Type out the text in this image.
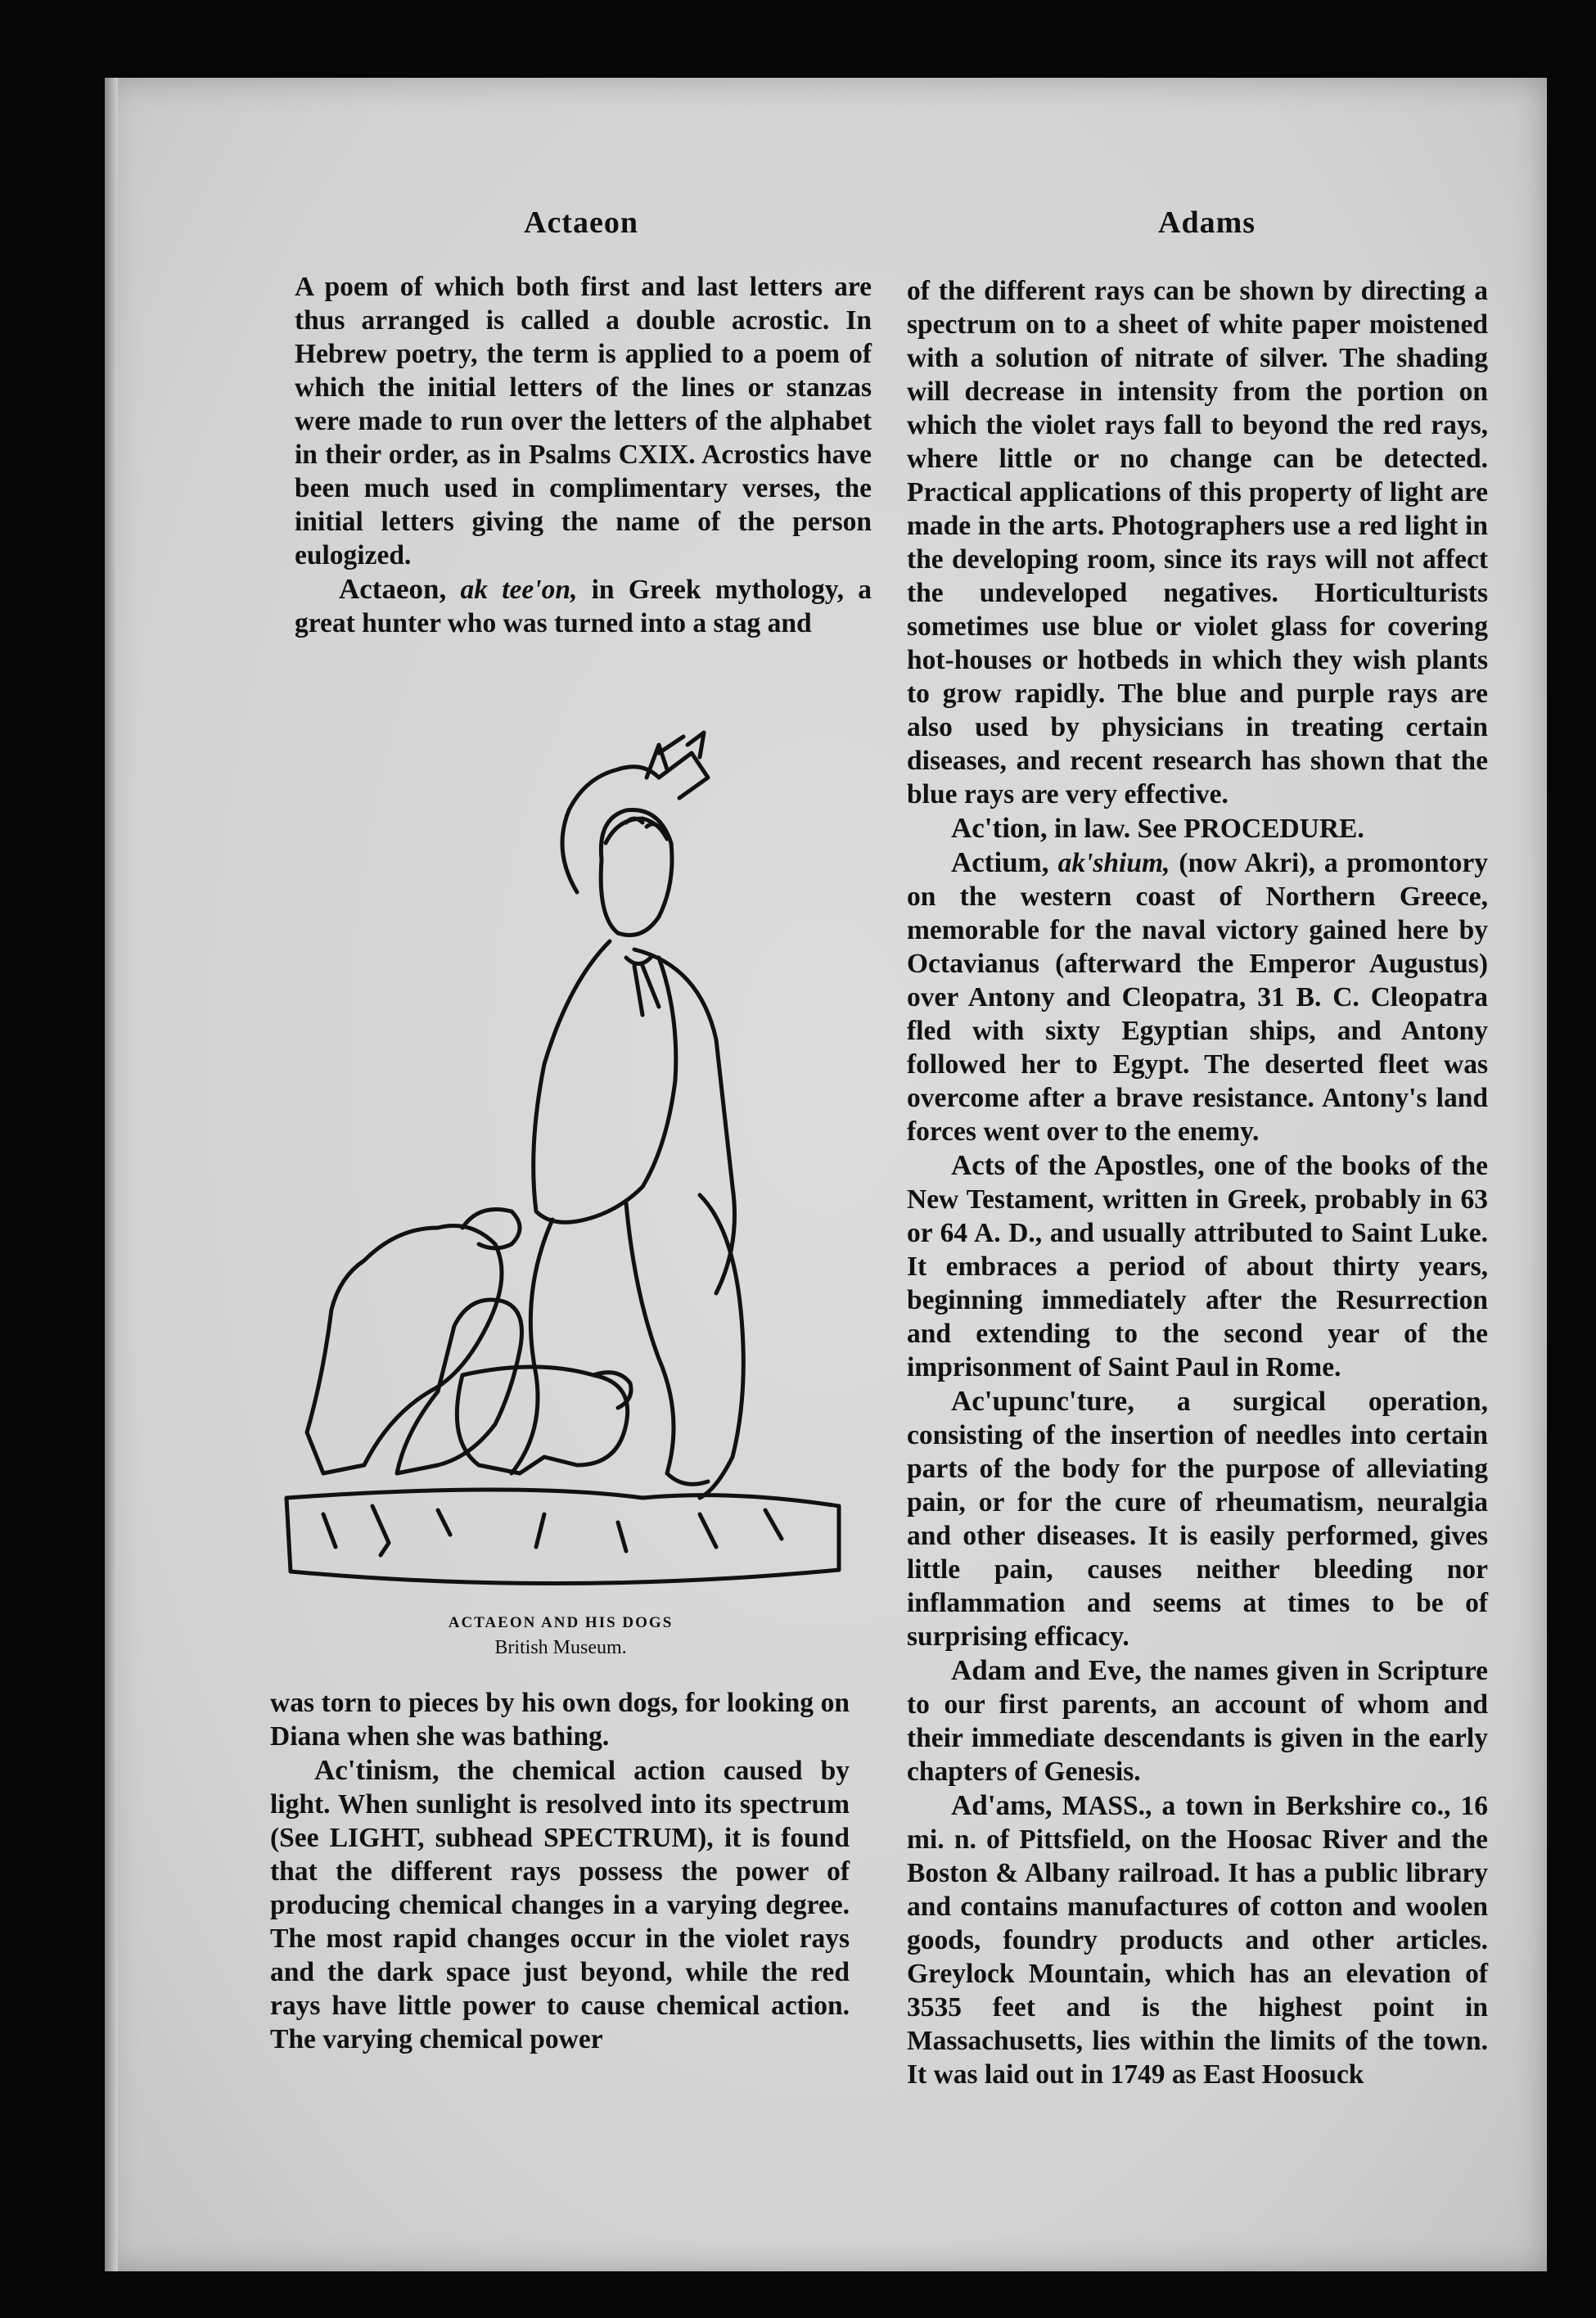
Actaeon	Adams

A poem of which both first and last letters are thus arranged is called a double acrostic. In Hebrew poetry, the term is applied to a poem of which the initial letters of the lines or stanzas were made to run over the letters of the alphabet in their order, as in Psalms CXIX. Acrostics have been much used in complimentary verses, the initial letters giving the name of the person eulogized.

Actaeon, ak tee'on, in Greek mythology, a great hunter who was turned into a stag and

ACTAEON AND HIS DOGS
British Museum.

was torn to pieces by his own dogs, for looking on Diana when she was bathing.

Ac'tinism, the chemical action caused by light. When sunlight is resolved into its spectrum (See LIGHT, subhead SPECTRUM), it is found that the different rays possess the power of producing chemical changes in a varying degree. The most rapid changes occur in the violet rays and the dark space just beyond, while the red rays have little power to cause chemical action. The varying chemical power

of the different rays can be shown by directing a spectrum on to a sheet of white paper moistened with a solution of nitrate of silver. The shading will decrease in intensity from the portion on which the violet rays fall to beyond the red rays, where little or no change can be detected. Practical applications of this property of light are made in the arts. Photographers use a red light in the developing room, since its rays will not affect the undeveloped negatives. Horticulturists sometimes use blue or violet glass for covering hot-houses or hotbeds in which they wish plants to grow rapidly. The blue and purple rays are also used by physicians in treating certain diseases, and recent research has shown that the blue rays are very effective.

Ac'tion, in law. See PROCEDURE.

Actium, ak'shium, (now Akri), a promontory on the western coast of Northern Greece, memorable for the naval victory gained here by Octavianus (afterward the Emperor Augustus) over Antony and Cleopatra, 31 B. C. Cleopatra fled with sixty Egyptian ships, and Antony followed her to Egypt. The deserted fleet was overcome after a brave resistance. Antony's land forces went over to the enemy.

Acts of the Apostles, one of the books of the New Testament, written in Greek, probably in 63 or 64 A. D., and usually attributed to Saint Luke. It embraces a period of about thirty years, beginning immediately after the Resurrection and extending to the second year of the imprisonment of Saint Paul in Rome.

Ac'upunc'ture, a surgical operation, consisting of the insertion of needles into certain parts of the body for the purpose of alleviating pain, or for the cure of rheumatism, neuralgia and other diseases. It is easily performed, gives little pain, causes neither bleeding nor inflammation and seems at times to be of surprising efficacy.

Adam and Eve, the names given in Scripture to our first parents, an account of whom and their immediate descendants is given in the early chapters of Genesis.

Ad'ams, MASS., a town in Berkshire co., 16 mi. n. of Pittsfield, on the Hoosac River and the Boston & Albany railroad. It has a public library and contains manufactures of cotton and woolen goods, foundry products and other articles. Greylock Mountain, which has an elevation of 3535 feet and is the highest point in Massachusetts, lies within the limits of the town. It was laid out in 1749 as East Hoosuck
